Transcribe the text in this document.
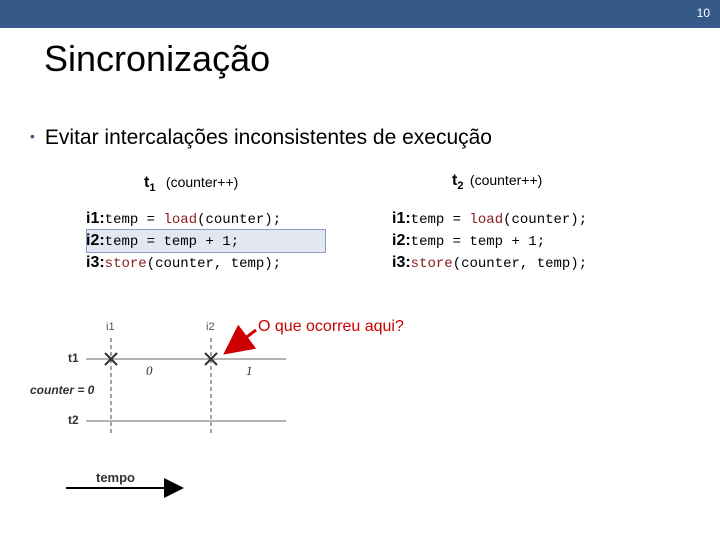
10
Sincronização
• Evitar intercalações inconsistentes de execução
$t_1$ (counter++)	$t_2$ (counter++)
i1:temp = load(counter);
i2:temp = temp + 1;
i3:store(counter, temp);
i1:temp = load(counter);
i2:temp = temp + 1;
i3:store(counter, temp);
O que ocorreu aqui?
i1	i2
t1
counter = 0
t2
0	1
tempo
